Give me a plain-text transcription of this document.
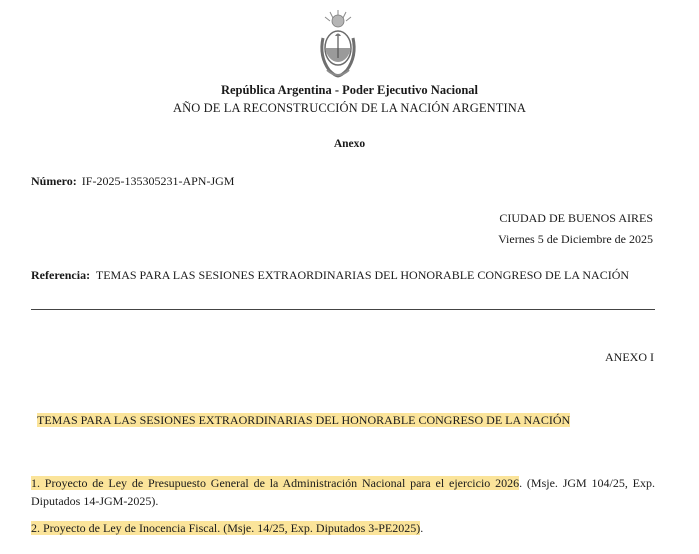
República Argentina - Poder Ejecutivo Nacional
AÑO DE LA RECONSTRUCCIÓN DE LA NACIÓN ARGENTINA
Anexo
Número: IF-2025-135305231-APN-JGM
CIUDAD DE BUENOS AIRES
Viernes 5 de Diciembre de 2025
Referencia: TEMAS PARA LAS SESIONES EXTRAORDINARIAS DEL HONORABLE CONGRESO DE LA NACIÓN
ANEXO I
TEMAS PARA LAS SESIONES EXTRAORDINARIAS DEL HONORABLE CONGRESO DE LA NACIÓN
1. Proyecto de Ley de Presupuesto General de la Administración Nacional para el ejercicio 2026. (Msje. JGM 104/25, Exp. Diputados 14-JGM-2025).
2. Proyecto de Ley de Inocencia Fiscal. (Msje. 14/25, Exp. Diputados 3-PE2025).
